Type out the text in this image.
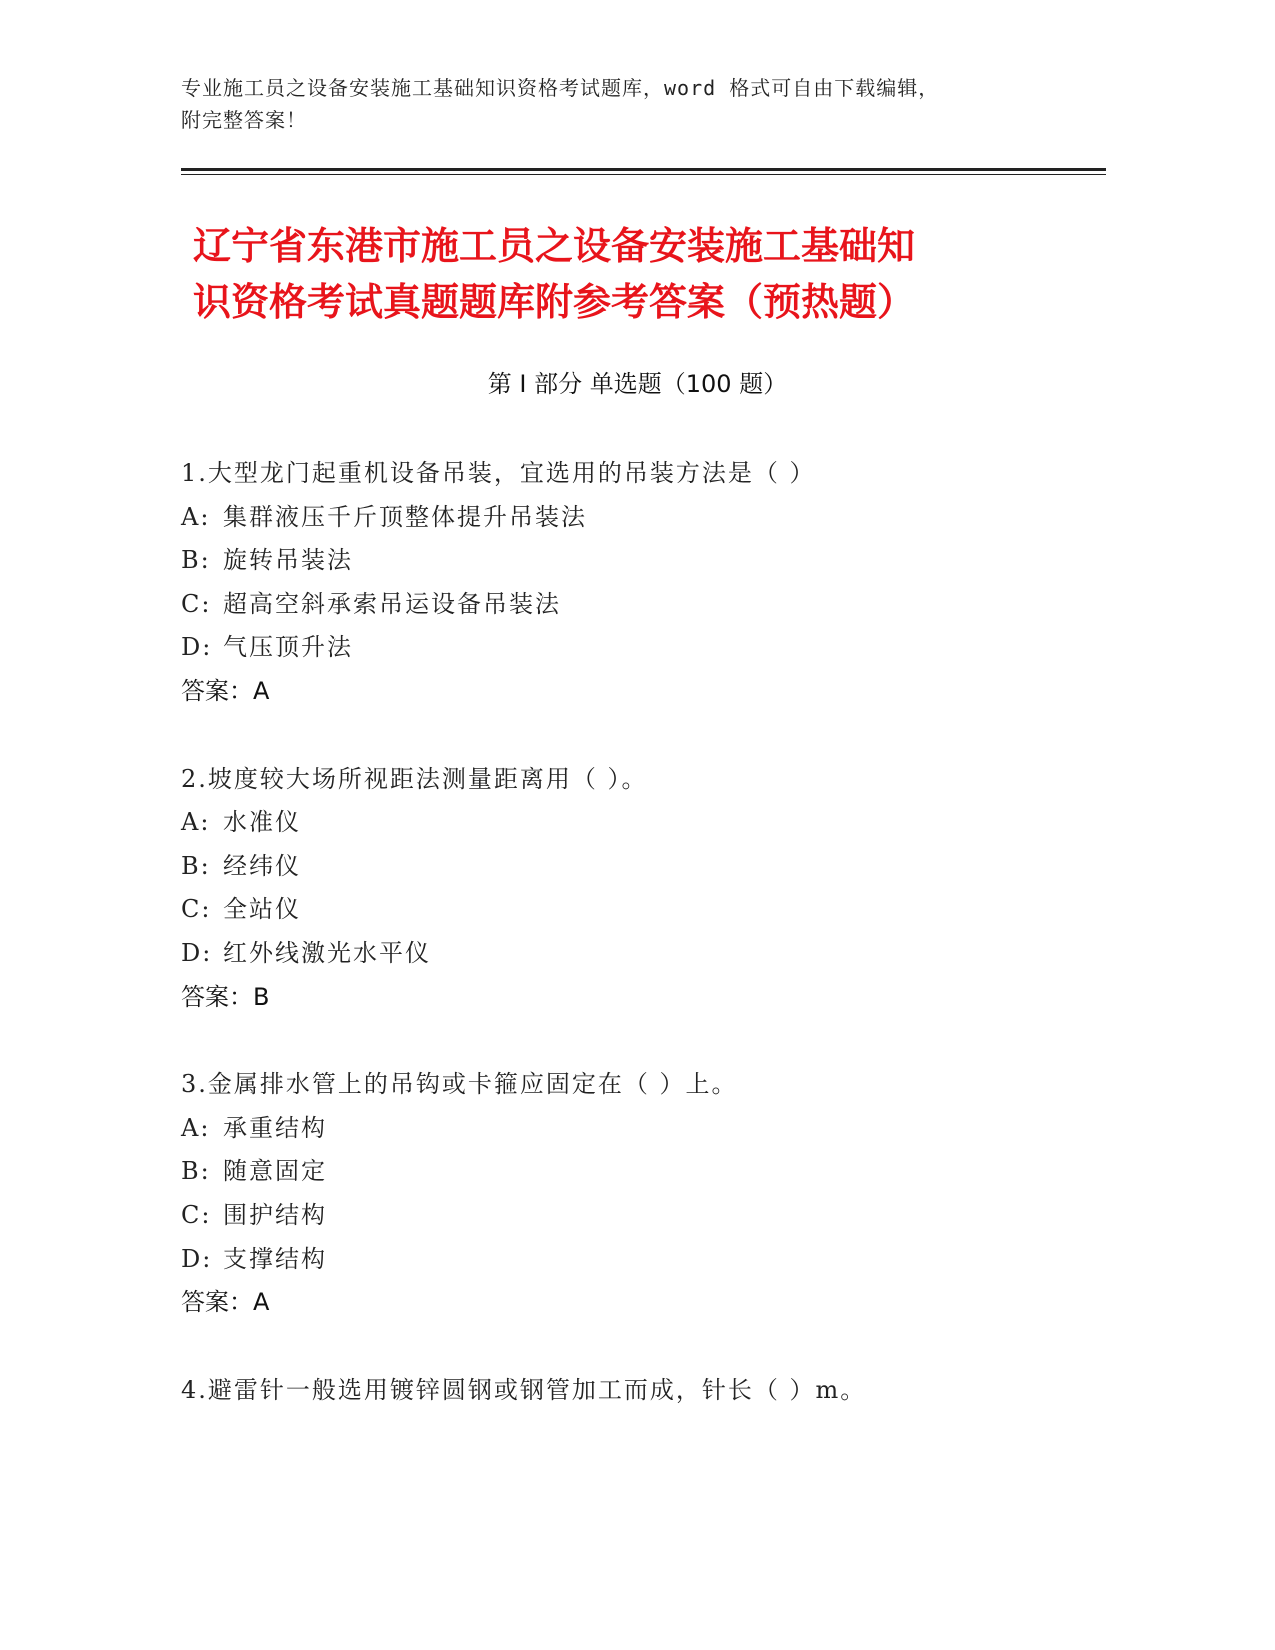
专业施工员之设备安装施工基础知识资格考试题库，word 格式可自由下载编辑，
附完整答案！
辽宁省东港市施工员之设备安装施工基础知
识资格考试真题题库附参考答案（预热题）
第 I 部分 单选题（100 题）
1.大型龙门起重机设备吊装，宜选用的吊装方法是（ ）
A: 集群液压千斤顶整体提升吊装法
B: 旋转吊装法
C: 超高空斜承索吊运设备吊装法
D: 气压顶升法
答案：A
2.坡度较大场所视距法测量距离用（ ）。
A: 水准仪
B: 经纬仪
C: 全站仪
D: 红外线激光水平仪
答案：B
3.金属排水管上的吊钩或卡箍应固定在（ ）上。
A: 承重结构
B: 随意固定
C: 围护结构
D: 支撑结构
答案：A
4.避雷针一般选用镀锌圆钢或钢管加工而成，针长（ ）m。
